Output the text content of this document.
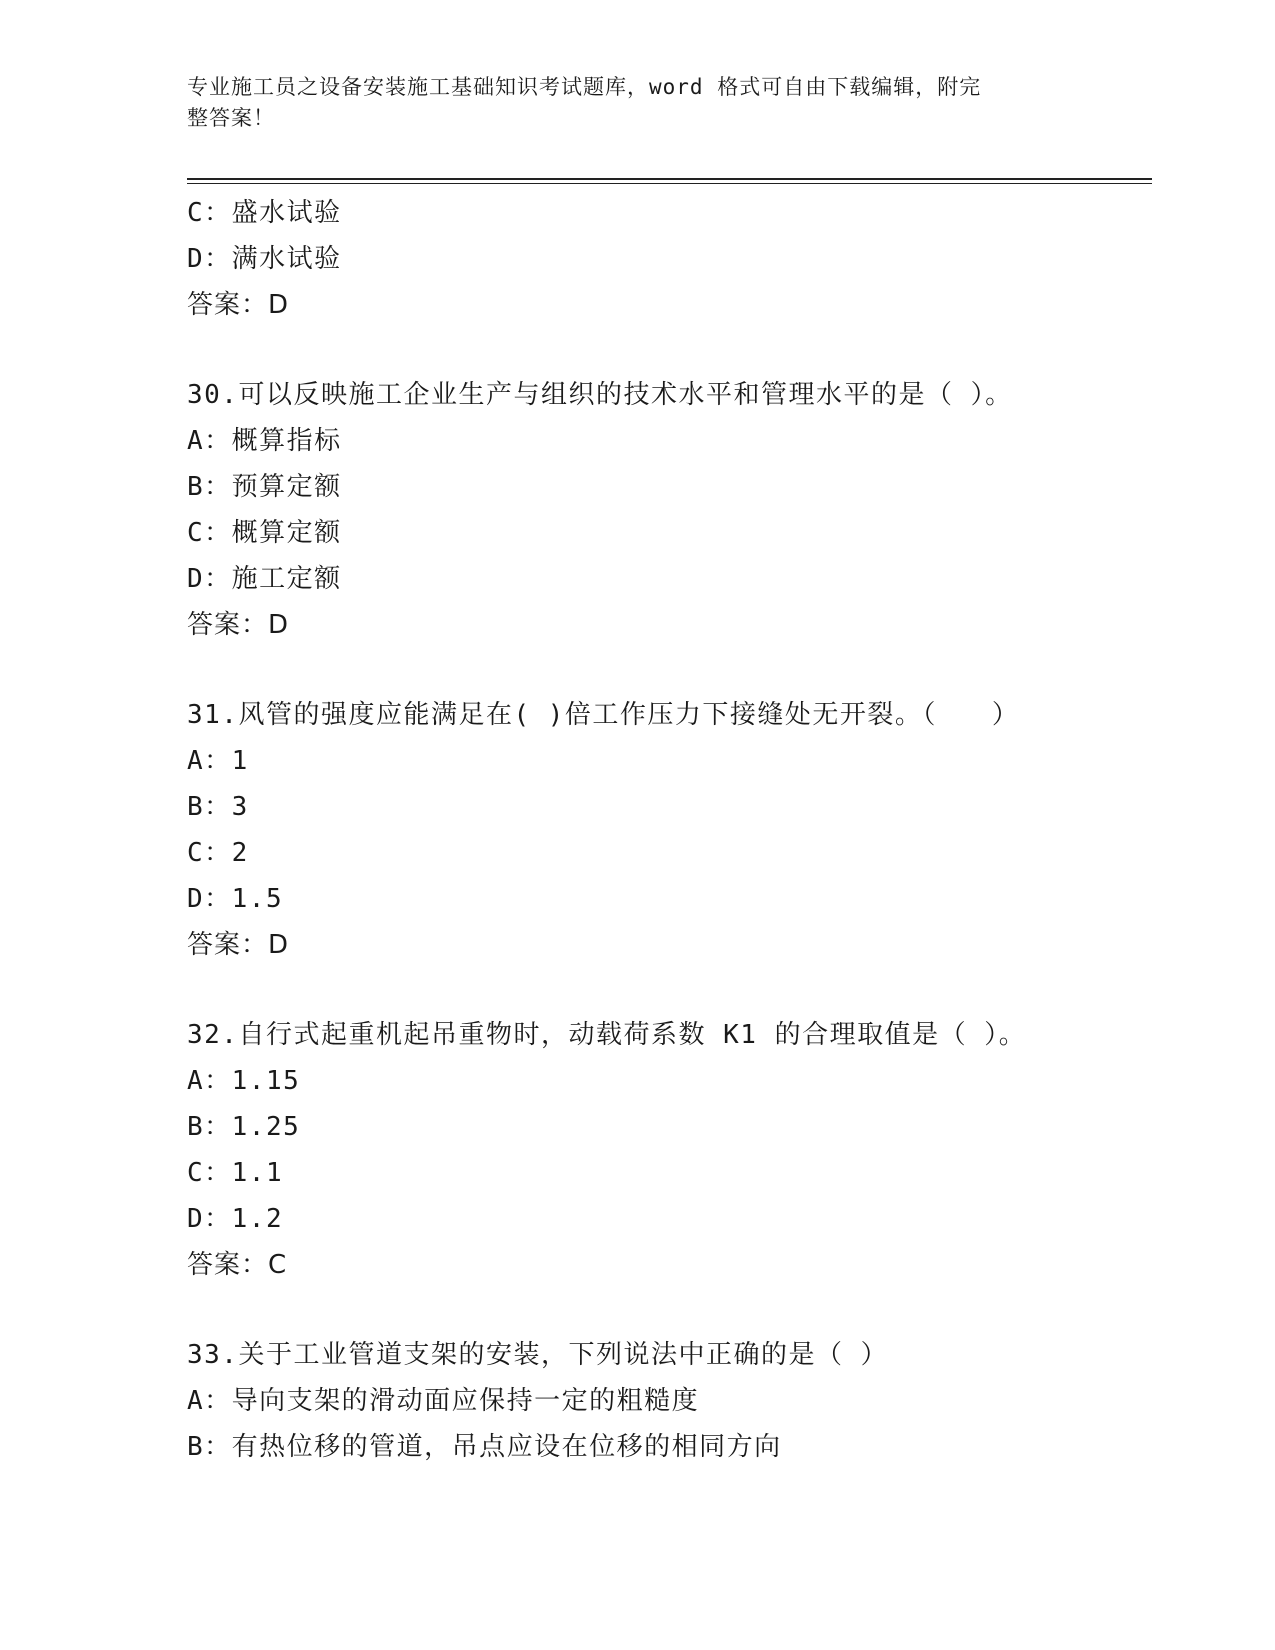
专业施工员之设备安装施工基础知识考试题库，word 格式可自由下载编辑，附完
整答案！
C：盛水试验
D：满水试验
答案：D
30.可以反映施工企业生产与组织的技术水平和管理水平的是（ ）。
A：概算指标
B：预算定额
C：概算定额
D：施工定额
答案：D
31.风管的强度应能满足在( )倍工作压力下接缝处无开裂。（　　）
A：1
B：3
C：2
D：1.5
答案：D
32.自行式起重机起吊重物时，动载荷系数 K1 的合理取值是（ ）。
A：1.15
B：1.25
C：1.1
D：1.2
答案：C
33.关于工业管道支架的安装，下列说法中正确的是（ ）
A：导向支架的滑动面应保持一定的粗糙度
B：有热位移的管道，吊点应设在位移的相同方向
